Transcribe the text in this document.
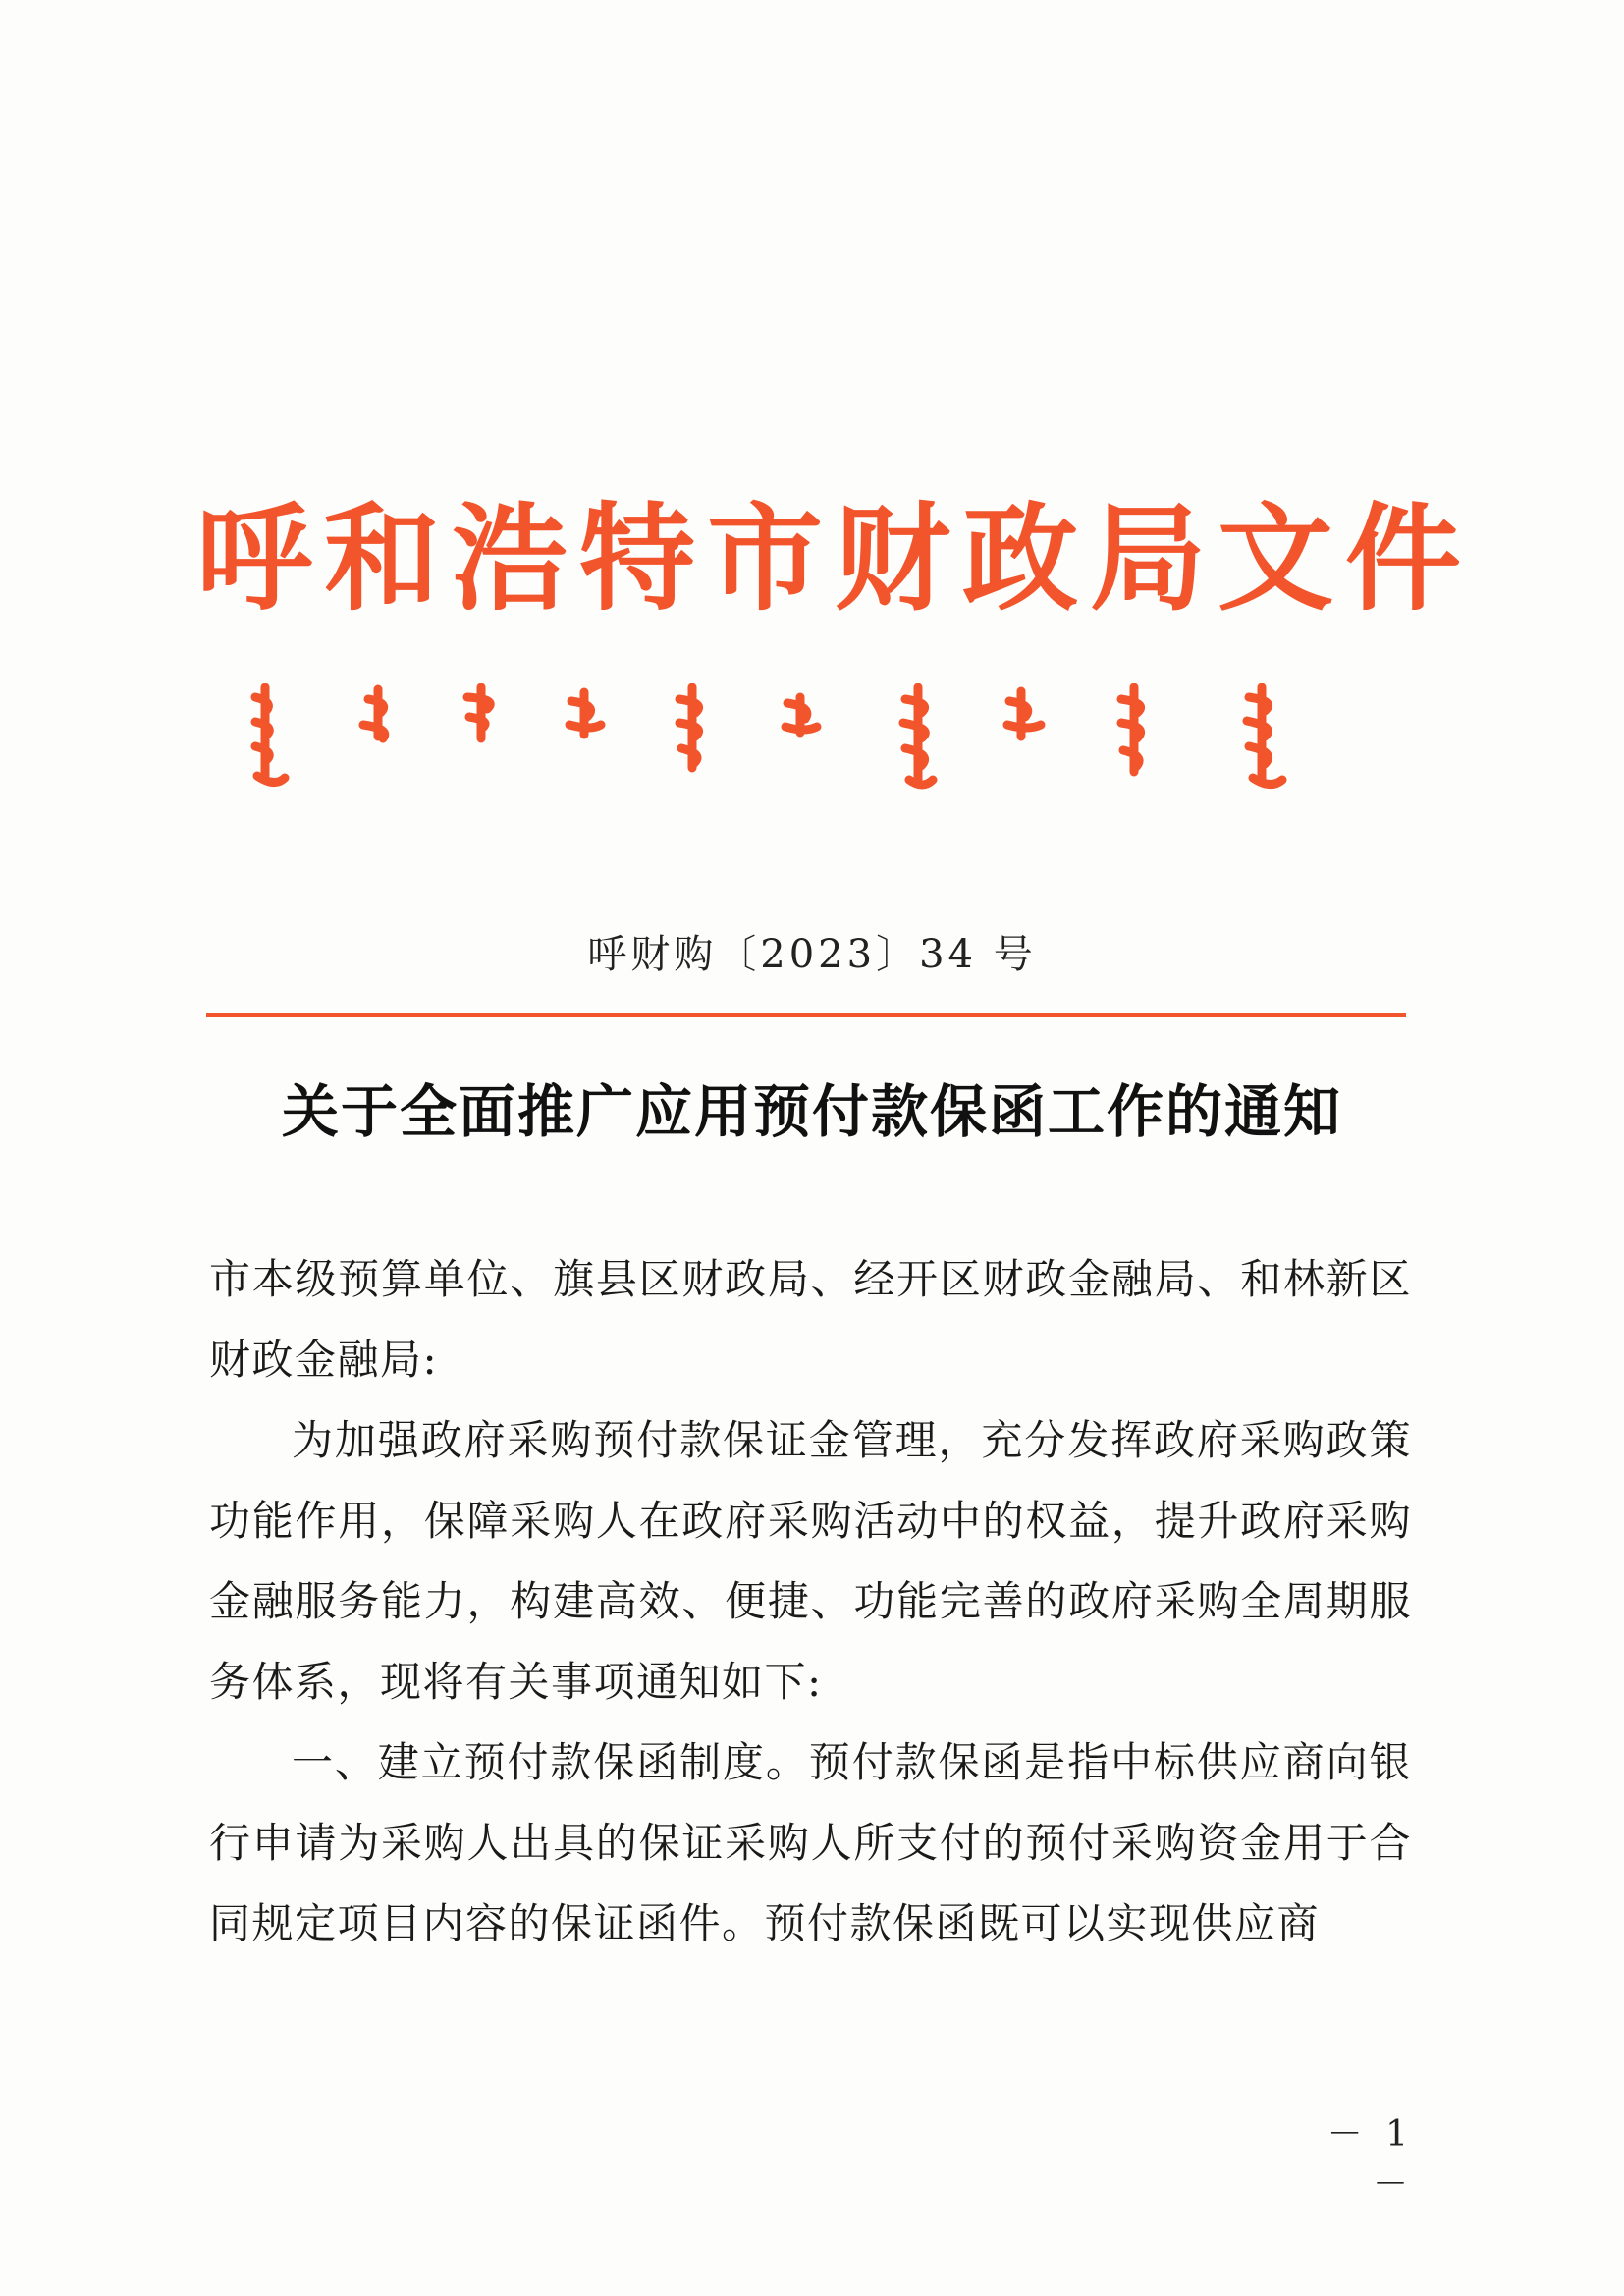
呼和浩特市财政局文件
呼财购〔2023〕34 号
关于全面推广应用预付款保函工作的通知

市本级预算单位、旗县区财政局、经开区财政金融局、和林新区财政金融局:

为加强政府采购预付款保证金管理，充分发挥政府采购政策功能作用，保障采购人在政府采购活动中的权益，提升政府采购金融服务能力，构建高效、便捷、功能完善的政府采购全周期服务体系，现将有关事项通知如下:

一、建立预付款保函制度。预付款保函是指中标供应商向银行申请为采购人出具的保证采购人所支付的预付采购资金用于合同规定项目内容的保证函件。预付款保函既可以实现供应商

－ 1 －
